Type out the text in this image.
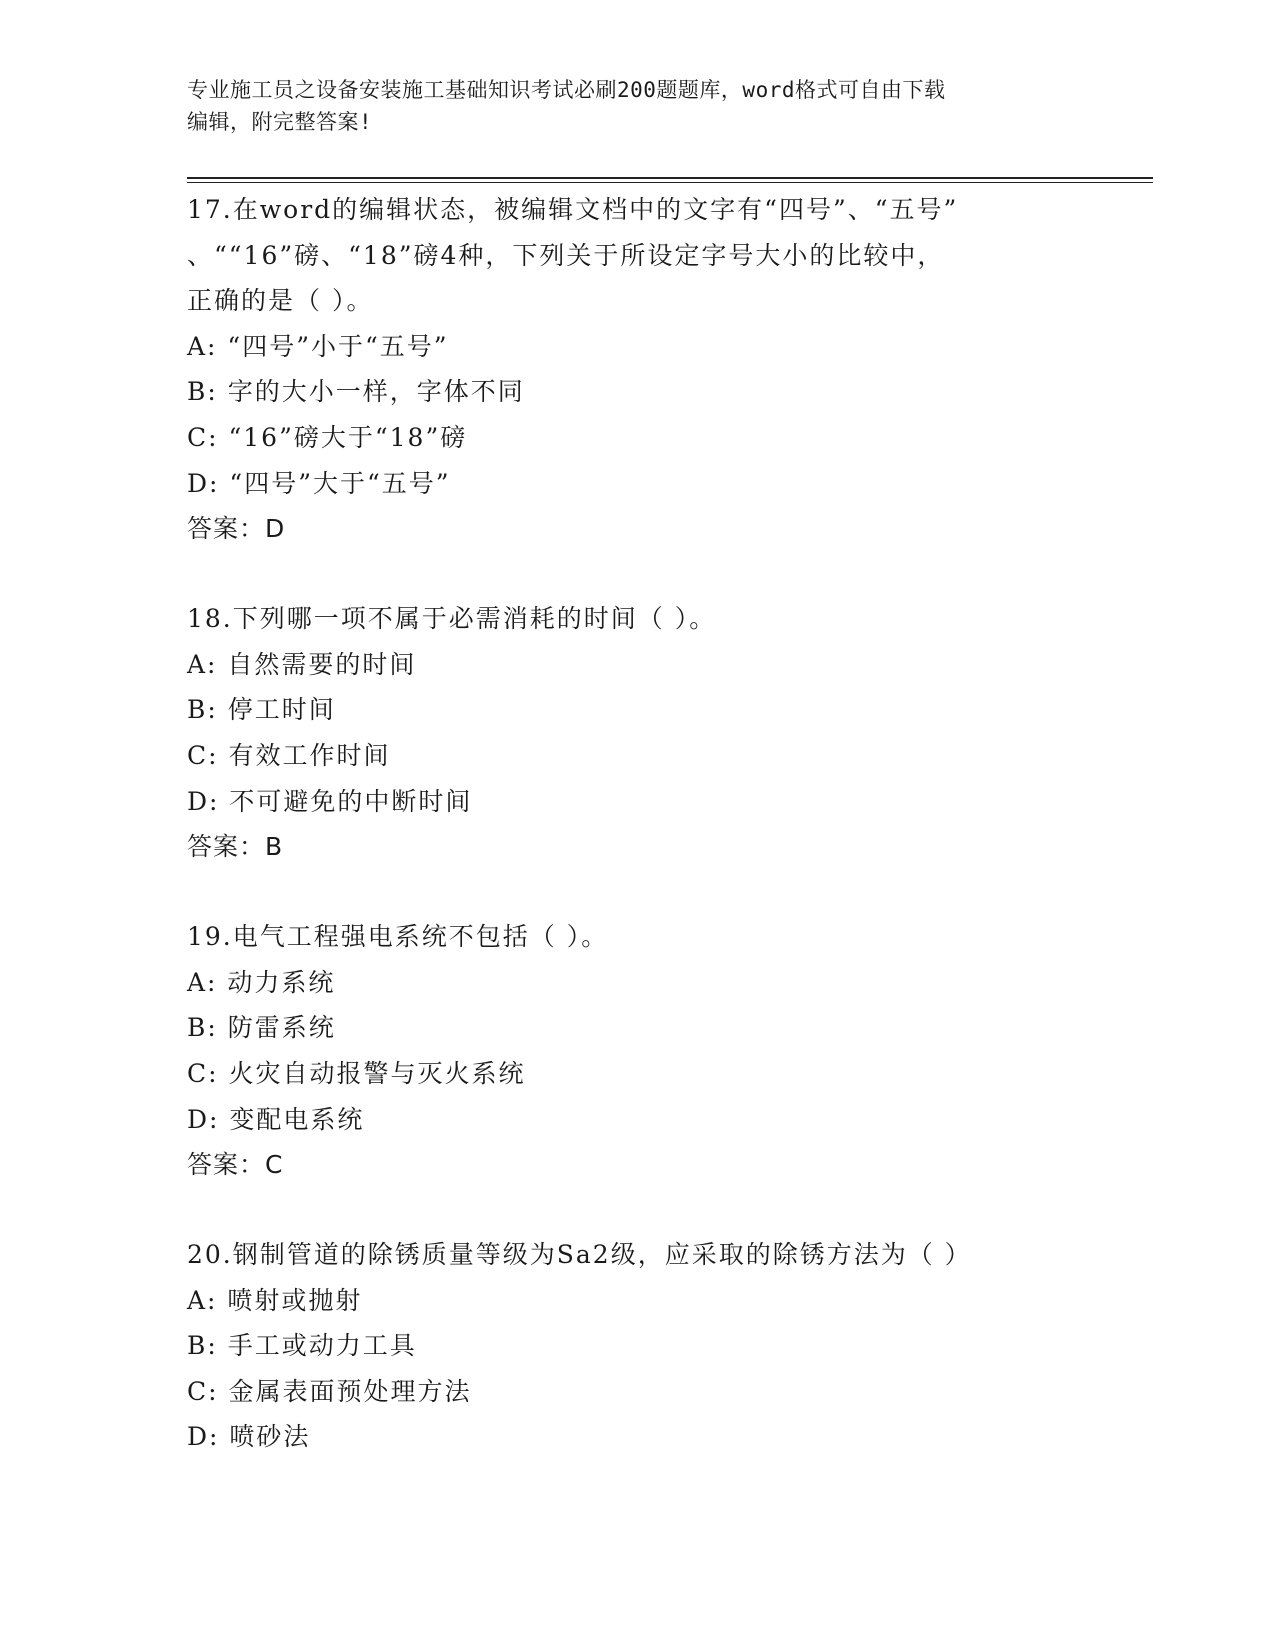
专业施工员之设备安装施工基础知识考试必刷200题题库，word格式可自由下载
编辑，附完整答案!
17.在word的编辑状态，被编辑文档中的文字有“四号”、“五号”
、““16”磅、“18”磅4种，下列关于所设定字号大小的比较中，
正确的是（ ）。
A: “四号”小于“五号”
B: 字的大小一样，字体不同
C: “16”磅大于“18”磅
D: “四号”大于“五号”
答案：D
18.下列哪一项不属于必需消耗的时间（ ）。
A: 自然需要的时间
B: 停工时间
C: 有效工作时间
D: 不可避免的中断时间
答案：B
19.电气工程强电系统不包括（ ）。
A: 动力系统
B: 防雷系统
C: 火灾自动报警与灭火系统
D: 变配电系统
答案：C
20.钢制管道的除锈质量等级为Sa2级，应采取的除锈方法为（ ）
A: 喷射或抛射
B: 手工或动力工具
C: 金属表面预处理方法
D: 喷砂法
